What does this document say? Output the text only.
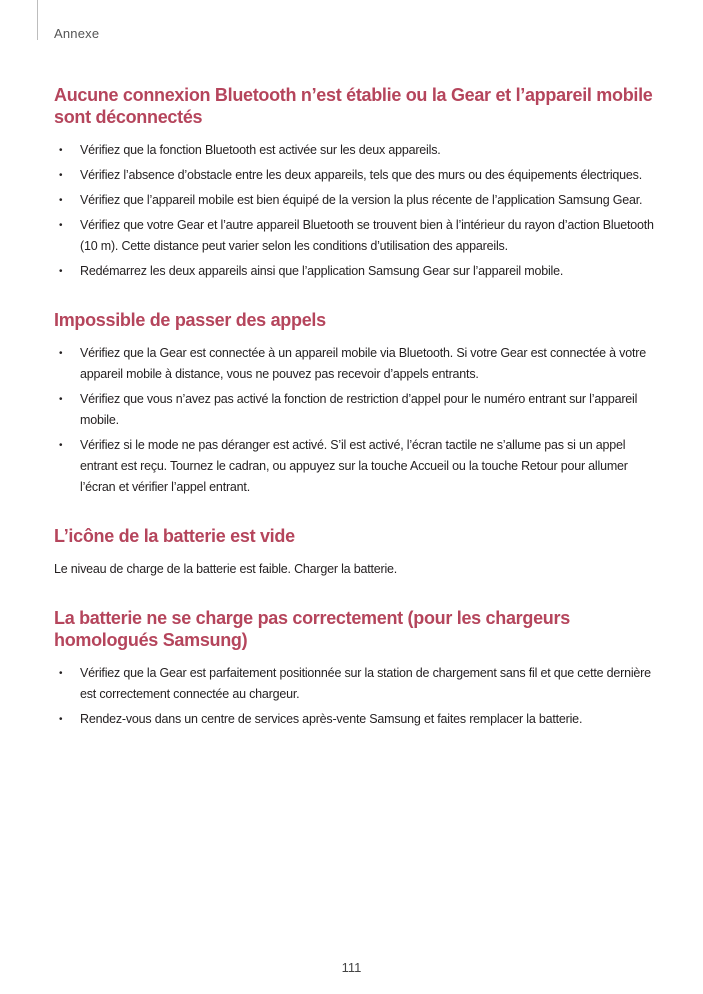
Annexe
Aucune connexion Bluetooth n’est établie ou la Gear et l’appareil mobile sont déconnectés
• Vérifiez que la fonction Bluetooth est activée sur les deux appareils.
• Vérifiez l’absence d’obstacle entre les deux appareils, tels que des murs ou des équipements électriques.
• Vérifiez que l’appareil mobile est bien équipé de la version la plus récente de l’application Samsung Gear.
• Vérifiez que votre Gear et l’autre appareil Bluetooth se trouvent bien à l’intérieur du rayon d’action Bluetooth (10 m). Cette distance peut varier selon les conditions d’utilisation des appareils.
• Redémarrez les deux appareils ainsi que l’application Samsung Gear sur l’appareil mobile.
Impossible de passer des appels
• Vérifiez que la Gear est connectée à un appareil mobile via Bluetooth. Si votre Gear est connectée à votre appareil mobile à distance, vous ne pouvez pas recevoir d’appels entrants.
• Vérifiez que vous n’avez pas activé la fonction de restriction d’appel pour le numéro entrant sur l’appareil mobile.
• Vérifiez si le mode ne pas déranger est activé. S’il est activé, l’écran tactile ne s’allume pas si un appel entrant est reçu. Tournez le cadran, ou appuyez sur la touche Accueil ou la touche Retour pour allumer l’écran et vérifier l’appel entrant.
L’icône de la batterie est vide

Le niveau de charge de la batterie est faible. Charger la batterie.

La batterie ne se charge pas correctement (pour les chargeurs homologués Samsung)
• Vérifiez que la Gear est parfaitement positionnée sur la station de chargement sans fil et que cette dernière est correctement connectée au chargeur.
• Rendez-vous dans un centre de services après-vente Samsung et faites remplacer la batterie.
111
